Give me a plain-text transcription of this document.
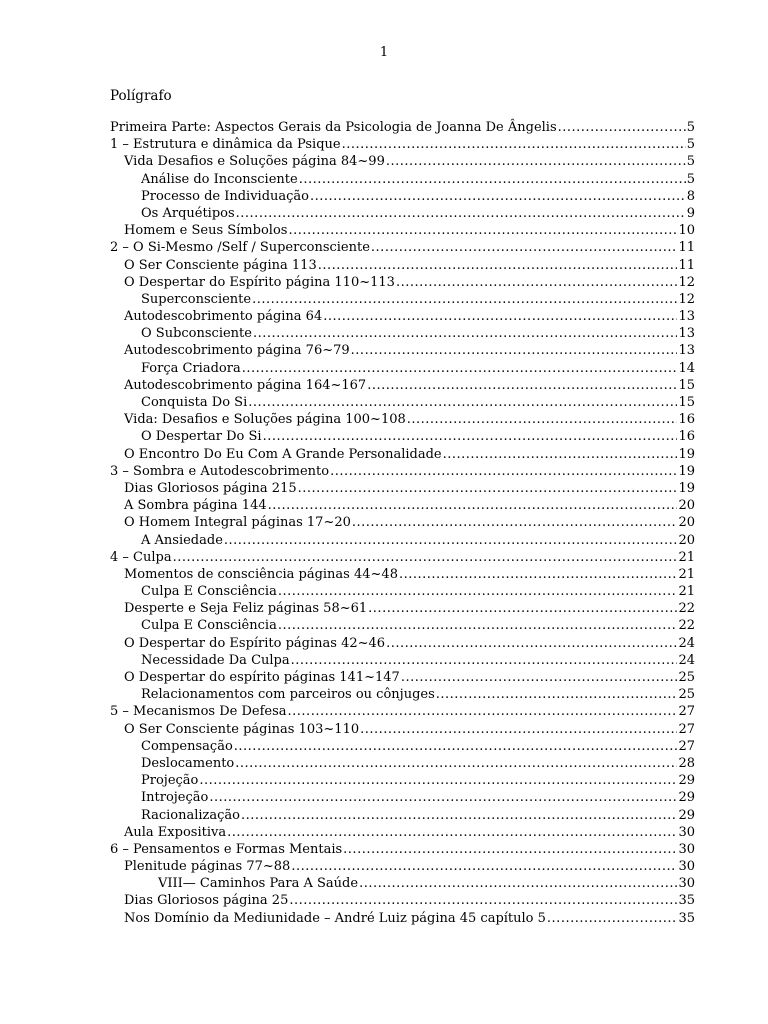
1
Polígrafo
Primeira Parte: Aspectos Gerais da Psicologia de Joanna De Ângelis .....	5
1 – Estrutura e dinâmica da Psique .....	5
Vida Desafios e Soluções página 84~99 .....	5
Análise do Inconsciente .....	5
Processo de Individuação .....	8
Os Arquétipos .....	9
Homem e Seus Símbolos .....	10
2 – O Si-Mesmo /Self / Superconsciente .....	11
O Ser Consciente página 113 .....	11
O Despertar do Espírito página 110~113 .....	12
Superconsciente .....	12
Autodescobrimento página 64 .....	13
O Subconsciente .....	13
Autodescobrimento página 76~79 .....	13
Força Criadora .....	14
Autodescobrimento página 164~167 .....	15
Conquista Do Si .....	15
Vida: Desafios e Soluções página 100~108 .....	16
O Despertar Do Si .....	16
O Encontro Do Eu Com A Grande Personalidade .....	19
3 – Sombra e Autodescobrimento .....	19
Dias Gloriosos página 215 .....	19
A Sombra página 144 .....	20
O Homem Integral páginas 17~20 .....	20
A Ansiedade .....	20
4 – Culpa .....	21
Momentos de consciência páginas 44~48 .....	21
Culpa E Consciência .....	21
Desperte e Seja Feliz páginas 58~61 .....	22
Culpa E Consciência .....	22
O Despertar do Espírito páginas 42~46 .....	24
Necessidade Da Culpa .....	24
O Despertar do espírito páginas 141~147 .....	25
Relacionamentos com parceiros ou cônjuges .....	25
5 – Mecanismos De Defesa .....	27
O Ser Consciente páginas 103~110 .....	27
Compensação .....	27
Deslocamento .....	28
Projeção .....	29
Introjeção .....	29
Racionalização .....	29
Aula Expositiva .....	30
6 – Pensamentos e Formas Mentais .....	30
Plenitude páginas 77~88 .....	30
VIII— Caminhos Para A Saúde .....	30
Dias Gloriosos página 25 .....	35
Nos Domínio da Mediunidade – André Luiz página 45 capítulo 5 .....	35
